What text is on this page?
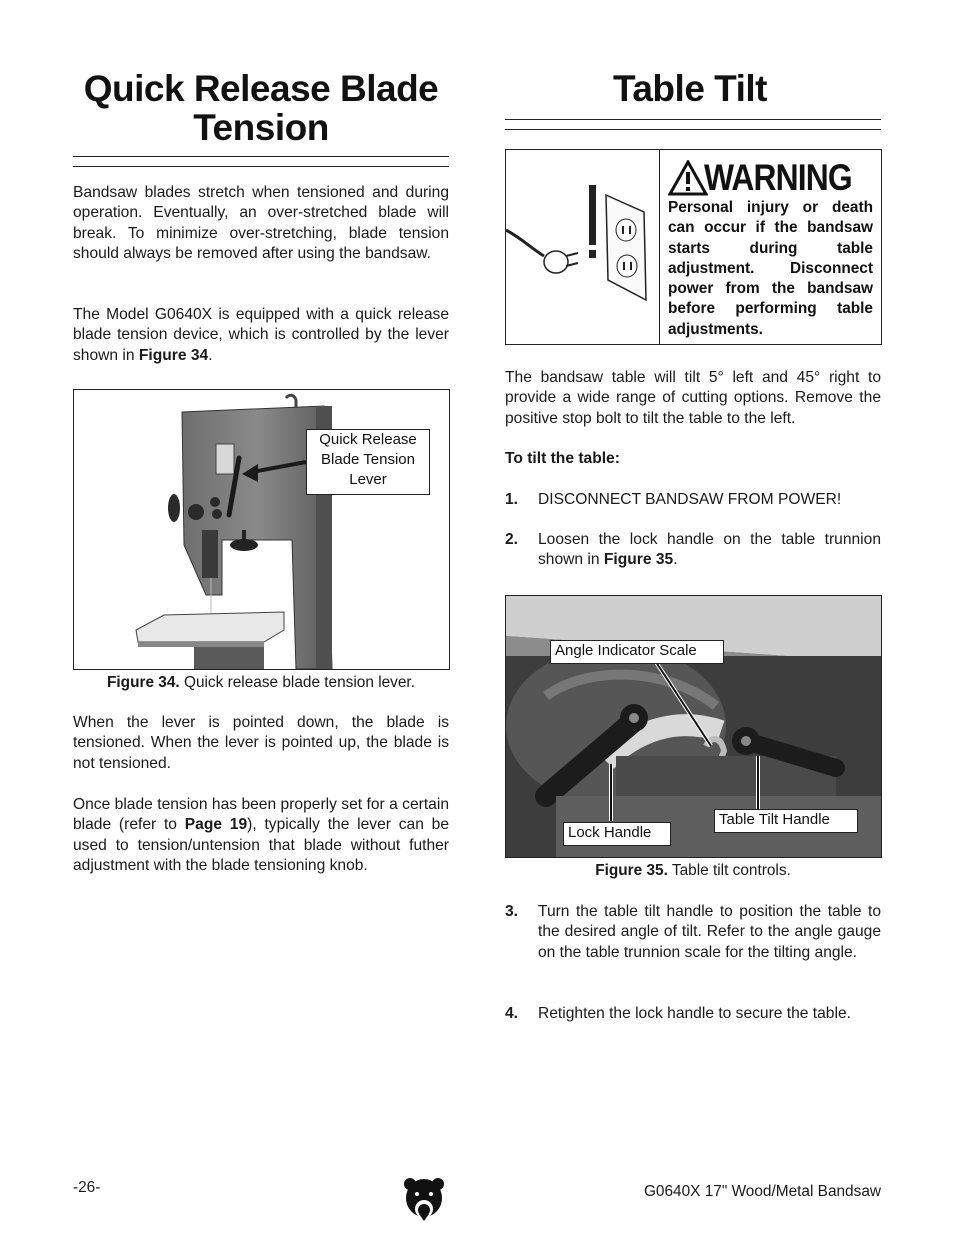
Quick Release Blade
Tension

Bandsaw blades stretch when tensioned and during operation. Eventually, an over-stretched blade will break. To minimize over-stretching, blade tension should always be removed after using the bandsaw.

The Model G0640X is equipped with a quick release blade tension device, which is controlled by the lever shown in Figure 34.

Quick Release
Blade Tension
Lever
Figure 34. Quick release blade tension lever.

When the lever is pointed down, the blade is tensioned. When the lever is pointed up, the blade is not tensioned.

Once blade tension has been properly set for a certain blade (refer to Page 19), typically the lever can be used to tension/untension that blade without futher adjustment with the blade tensioning knob.

Table Tilt
WARNING

Personal injury or death can occur if the bandsaw starts during table adjustment. Disconnect power from the bandsaw before performing table adjustments.

The bandsaw table will tilt 5° left and 45° right to provide a wide range of cutting options. Remove the positive stop bolt to tilt the table to the left.

To tilt the table:

1. DISCONNECT BANDSAW FROM POWER!

2. Loosen the lock handle on the table trunnion shown in Figure 35.

30°
20°
Angle Indicator Scale
Lock Handle
Table Tilt Handle
Figure 35. Table tilt controls.
3. Turn the table tilt handle to position the table to the desired angle of tilt. Refer to the angle gauge on the table trunnion scale for the tilting angle.

4. Retighten the lock handle to secure the table.

-26-	G0640X 17" Wood/Metal Bandsaw
